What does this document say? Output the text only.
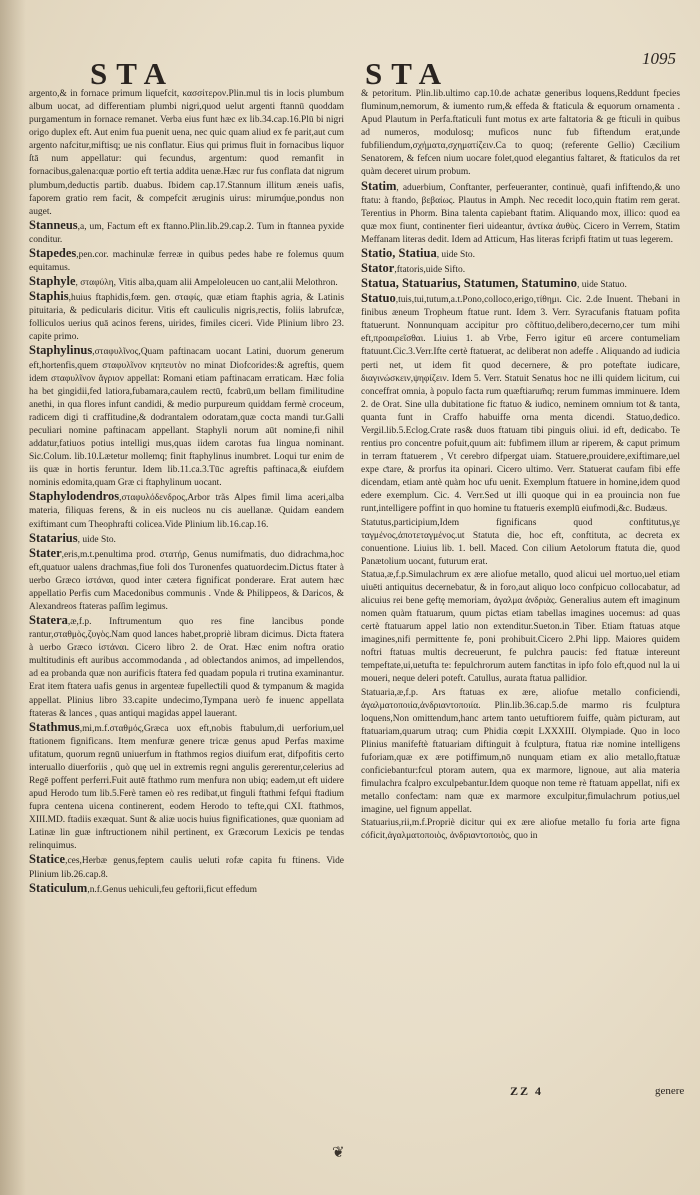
STA	STA	1095

argento,& in fornace primum liquefcit, κασσίτερον.Plin.mul tis in locis plumbum album uocat, ad differentiam plumbi nigri,quod uelut argenti ftannū quoddam purgamentum in fornace remanet. Verba eius funt hæc ex lib.34.cap.16.Plū bi nigri origo duplex eft. Aut enim fua puenit uena, nec quic quam aliud ex fe parit,aut cum argento nafcitur,miftisq; ue nis conflatur. Eius qui primus fluit in fornacibus liquor ſtā num appellatur: qui fecundus, argentum: quod remanfit in fornacibus,galena:quæ portio eft tertia addita uenæ.Hæc rur fus conflata dat nigrum plumbum,deductis partib. duabus. Ibidem cap.17.Stannum illitum æneis uafis, faporem gratio rem facit, & compefcit æruginis uirus: mirumq́ue,pondus non auget.

Stanneus,a, um, Factum eft ex ftanno.Plin.lib.29.cap.2. Tum in ftannea pyxide conditur.

Stapedes,pen.cor. machinulæ ferreæ in quibus pedes habe re folemus quum equitamus.

Staphyle, σταφύλη, Vitis alba,quam alii Ampeloleucen uo cant,alii Melothron.

Staphis,huius ftaphidis,fœm. gen. σταφίς, quæ etiam ftaphis agria, & Latinis pituitaria, & pedicularis dicitur. Vitis eft cauliculis nigris,rectis, foliis labrufcæ, folliculos uerius quā acinos ferens, uirides, fimiles ciceri. Vide Plinium libro 23. capite primo.

Staphylinus,σταφυλῖνος,Quam paftinacam uocant Latini, duorum generum eft,hortenfis,quem σταφυλῖνον κηπευτὸν no minat Diofcorides:& agreftis, quem idem σταφυλῖνον ἄγριον appellat: Romani etiam paftinacam erraticam. Hæc folia ha bet gingidii,fed latiora,fubamara,caulem rectū, fcabrū,um bellam fimilitudine anethi, in qua flores infunt candidi, & medio purpureum quiddam fermè croceum, radicem digi ti craffitudine,& dodrantalem odoratam,quæ cocta mandi tur.Galli peculiari nomine paftinacam appellant. Staphyli norum aūt nomine,fi nihil addatur,fatiuos potius intelligi mus,quas iidem carotas fua lingua nominant. Sic.Colum. lib.10.Lætetur mollemq; finit ftaphylinus inumbret. Loqui tur enim de iis quæ in hortis feruntur. Idem lib.11.ca.3.Tūc agreftis paftinaca,& eiufdem nominis edomita,quam Græ ci ftaphylinum uocant.

Staphylodendros,σταφυλόδενδρος,Arbor trãs Alpes fimil lima aceri,alba materia, filiquas ferens, & in eis nucleos nu cis auellanæ. Quidam eandem exiftimant cum Theophrafti colicea.Vide Plinium lib.16.cap.16.

Statarius, uide Sto.

Stater,eris,m.t.penultima prod. στατήρ, Genus numifmatis, duo didrachma,hoc eft,quatuor ualens drachmas,fiue foli dos Turonenfes quatuordecim.Dictus ftater à uerbo Græco ἱστάναι, quod inter cætera fignificat ponderare. Erat autem hæc appellatio Perfis cum Macedonibus communis . Vnde & Philippeos, & Daricos, & Alexandreos ftateras paſſim legimus.

Statera,æ,f.p. Inftrumentum quo res fine lancibus ponde rantur,σταθμὸς,ζυγὸς.Nam quod lances habet,propriè libram dicimus. Dicta ftatera à uerbo Græco ἱστάναι. Cicero libro 2. de Orat. Hæc enim noftra oratio multitudinis eft auribus accommodanda , ad obleƈtandos animos, ad impellendos, ad ea probanda quæ non aurificis ftatera fed quadam popula ri trutina examinantur. Erat item ftatera uafis genus in argenteæ fupelleƈtili quod & tympanum & magida appellat. Plinius libro 33.capite undecimo,Tympana uerò fe inuenc appellata ftateras & lances , quas antiqui magidas appel lauerant.

Stathmus,mi,m.f.σταθμός,Græca uox eft,nobis ftabulum,di uerforium,uel ftationem fignificans. Item menfuræ genere tricæ genus apud Perfas maxime ufitatum, quorum regnū uniuerfum in ftathmos regios diuifum erat, difpofitis certo interuallo diuerforiis , quò quę uel in extremis regni angulis gererentur,celerius ad Regē poffent perferri.Fuit autē ftathmo rum menfura non ubiq; eadem,ut eft uidere apud Herodo tum lib.5.Ferè tamen eò res redibat,ut finguli ftathmi fefqui ftadium fupra centena uicena continerent, eodem Herodo to tefte,qui CXI. ftathmos, XIII.MD. ftadiis exæquat. Sunt & aliæ uocis huius fignificationes, quæ quoniam ad Latinæ lin guæ inftructionem nihil pertinent, ex Græcorum Lexicis pe tendas relinquimus.

Statice,ces,Herbæ genus,feptem caulis ueluti rofæ capita fu ftinens. Vide Plinium lib.26.cap.8.

Staticulum,n.f.Genus uehiculi,feu geftorii,ficut effedum

& petoritum. Plin.lib.ultimo cap.10.de achatæ generibus loquens,Reddunt fpecies fluminum,nemorum, & iumento rum,& effeda & ftaticula & equorum ornamenta . Apud Plautum in Perfa.ftaticuli funt motus ex arte faltatoria & ge fticuli in quibus ad numeros, modulosq; muficos nunc fub fiftendum erat,unde fubfiliendum,σχήματα,σχηματίζειν.Ca to quoq; (referente Gellio) Cæcilium Senatorem, & fefcen nium uocare folet,quod elegantius faltaret, & ftaticulos da ret quàm deceret uirum probum.

Statim, aduerbium, Conftanter, perfeueranter, continuè, quafi infiftendo,& uno ftatu: à ftando, βεβαίως. Plautus in Amph. Nec recedit loco,quin ftatim rem gerat. Terentius in Phorm. Bina talenta capiebant ftatim. Aliquando mox, illico: quod ea quæ mox fiunt, continenter fieri uideantur, ἀντίκα ἀυθὺς. Cicero in Verrem, Statim Meffanam literas dedit. Idem ad Atticum, Has literas fcripfi ftatim ut tuas legerem.

Statio, Statiua, uide Sto.

Stator,ftatoris,uide Sifto.

Statua, Statuarius, Statumen, Statumino, uide Statuo.

Statuo,tuis,tui,tutum,a.t.Pono,colloco,erigo,τίθημι. Cic. 2.de Inuent. Thebani in finibus æneum Tropheum ftatue runt. Idem 3. Verr. Syracufanis ftatuam pofita ftatuerunt. Nonnunquam accipitur pro cõftituo,delibero,decerno,cer tum mihi eft,προαιρεῖσθαι. Liuius 1. ab Vrbe, Ferro igitur eū arcere contumeliam ftatuunt.Cic.3.Verr.Ifte certè ftatuerat, ac deliberat non adeffe . Aliquando ad iudicia perti net, ut idem fit quod decernere, & pro poteftate iudicare, διαγινώσκειν,ψηφίζειν. Idem 5. Verr. Statuit Senatus hoc ne illi quidem licitum, cui conceffrat omnia, à populo facta rum quæftiarum̄q; rerum fummas imminuere. Idem 2. de Orat. Sine ulla dubitatione fic ftatuo & iudico, neminem omnium tot & tanta, quanta funt in Craffo habuiffe orna menta dicendi. Statuo,dedico. Vergil.lib.5.Eclog.Crate ras& duos ftatuam tibi pinguis oliui. id eft, dedicabo. Te rentius pro concentre pofuit,quum ait: fubfimem illum ar riperem, & caput primum in terram ftatuerem , Vt cerebro difpergat uiam. Statuere,prouidere,exiftimare,uel expe ƈtare, & prorfus ita opinari. Cicero ultimo. Verr. Statuerat caufam fibi effe dicendam, etiam antè quàm hoc ufu uenit. Exemplum ftatuere in homine,idem quod edere exemplum. Cic. 4. Verr.Sed ut illi quoque qui in ea prouincia non fue runt,intelligere poffint in quo homine tu ftatueris exemplū eiufmodi,&c. Budæus.

Statutus,participium,Idem fignificans quod conftitutus,γε ταγμένος,ἀποτεταγμένος.ut Statuta die, hoc eft, conftituta, ac decreta ex conuentione. Liuius lib. 1. bell. Maced. Con cilium Aetolorum ftatuta die, quod Panætolium uocant, futurum erat.

Statua,æ,f.p.Simulachrum ex ære aliofue metallo, quod alicui uel mortuo,uel etiam uiuēti antiquitus decernebatur, & in foro,aut aliquo loco confpicuo collocabatur, ad alicuius rei bene geftę memoriam, ἀγαλμα ἀνδριὰς. Generalius autem eft imaginum nomen quàm ftatuarum, quum piƈtas etiam tabellas imagines uocemus: ad quas certè ftatuarum appel latio non extenditur.Sueton.in Tiber. Etiam ftatuas atque imagines,nifi permittente fe, poni prohibuit.Cicero 2.Phi lipp. Maiores quidem noftri ftatuas multis decreuerunt, fe pulchra paucis: fed ftatuæ intereunt tempeftate,ui,uetufta te: fepulchrorum autem fanƈtitas in ipfo folo eft,quod nul la ui moueri, neque deleri poteft. Catullus, aurata ftatua pallidior.

Statuaria,æ,f.p. Ars ftatuas ex ære, aliofue metallo conficiendi, ἀγαλματοποιία,ἀνδριαντοποιία. Plin.lib.36.cap.5.de marmo ris fculptura loquens,Non omittendum,hanc artem tanto uetuftiorem fuiffe, quàm piƈturam, aut ftatuariam,quarum utraq; cum Phidia cœpit LXXXIII. Olympiade. Quo in loco Plinius manifeftè ftatuariam diftinguit à fculptura, ftatua riæ nomine intelligens fuforiam,quæ ex ære potiffimum,nō nunquam etiam ex alio metallo,ftatuæ conficiebantur:fcul ptoram autem, qua ex marmore, lignoue, aut alia materia fimulachra fcalpro exculpebantur.Idem quoque non teme rè ftatuam appellat, nifi ex metallo confeƈtam: nam quæ ex marmore exculpitur,fimulachrum potius,uel imagine, uel fignum appellat.

Statuarius,rii,m.f.Propriè dicitur qui ex ære aliofue metallo fu foria arte figna cóficit,ἀγαλματοποιὸς, ἀνδριαντοποιὸς, quo in

ZZ 4	genere
❦
